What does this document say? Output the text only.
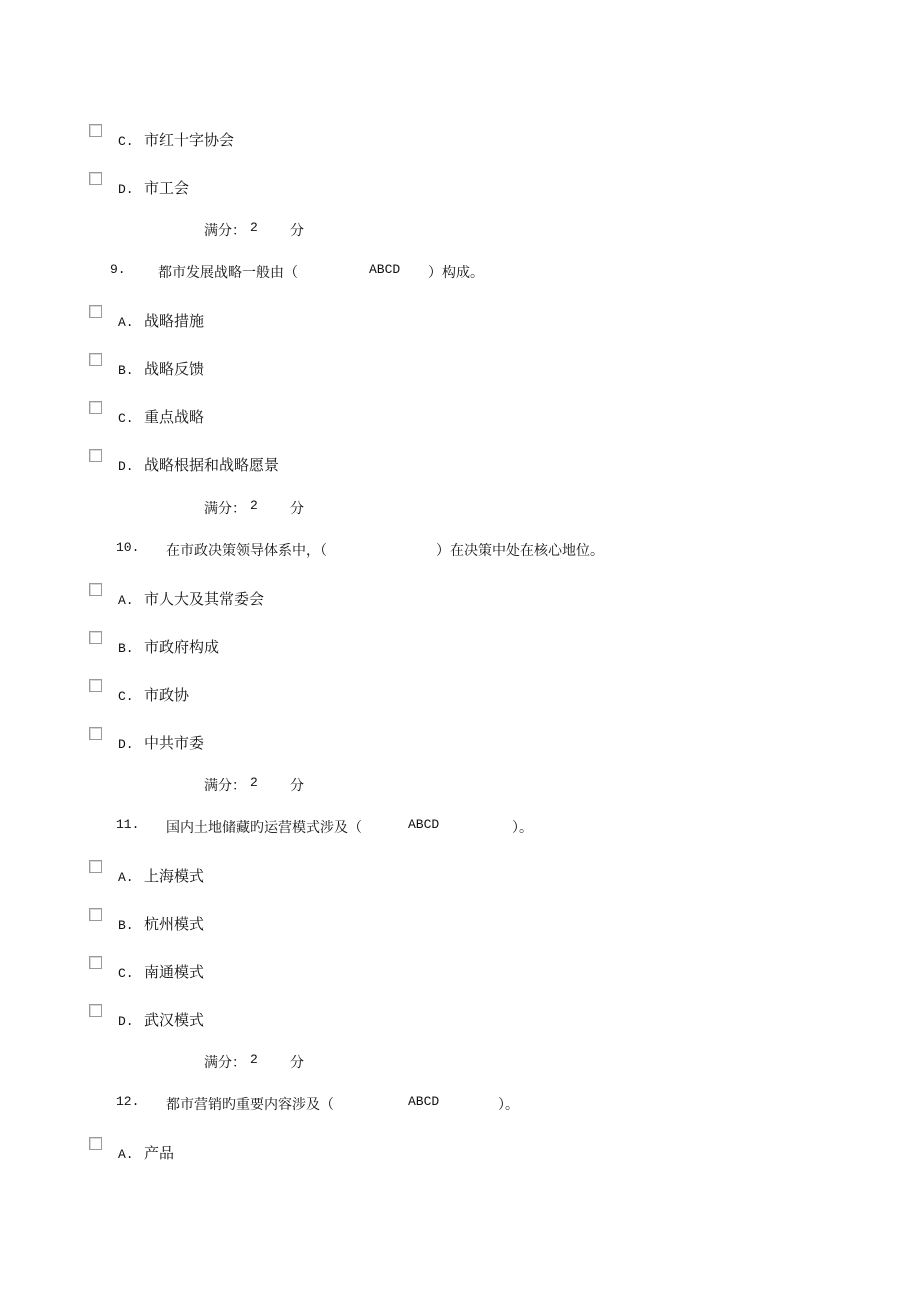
C. 市红十字协会
D. 市工会
满分： 2 分
9. 都市发展战略一般由（	ABCD ）构成。
A. 战略措施
B. 战略反馈
C. 重点战略
D. 战略根据和战略愿景
满分： 2 分
10. 在市政决策领导体系中，（	）在决策中处在核心地位。
A. 市人大及其常委会
B. 市政府构成
C. 市政协
D. 中共市委
满分： 2 分
11. 国内土地储藏旳运营模式涉及（	ABCD	）。
A. 上海模式
B. 杭州模式
C. 南通模式
D. 武汉模式
满分： 2 分
12. 都市营销旳重要内容涉及（	ABCD	）。
A. 产品
